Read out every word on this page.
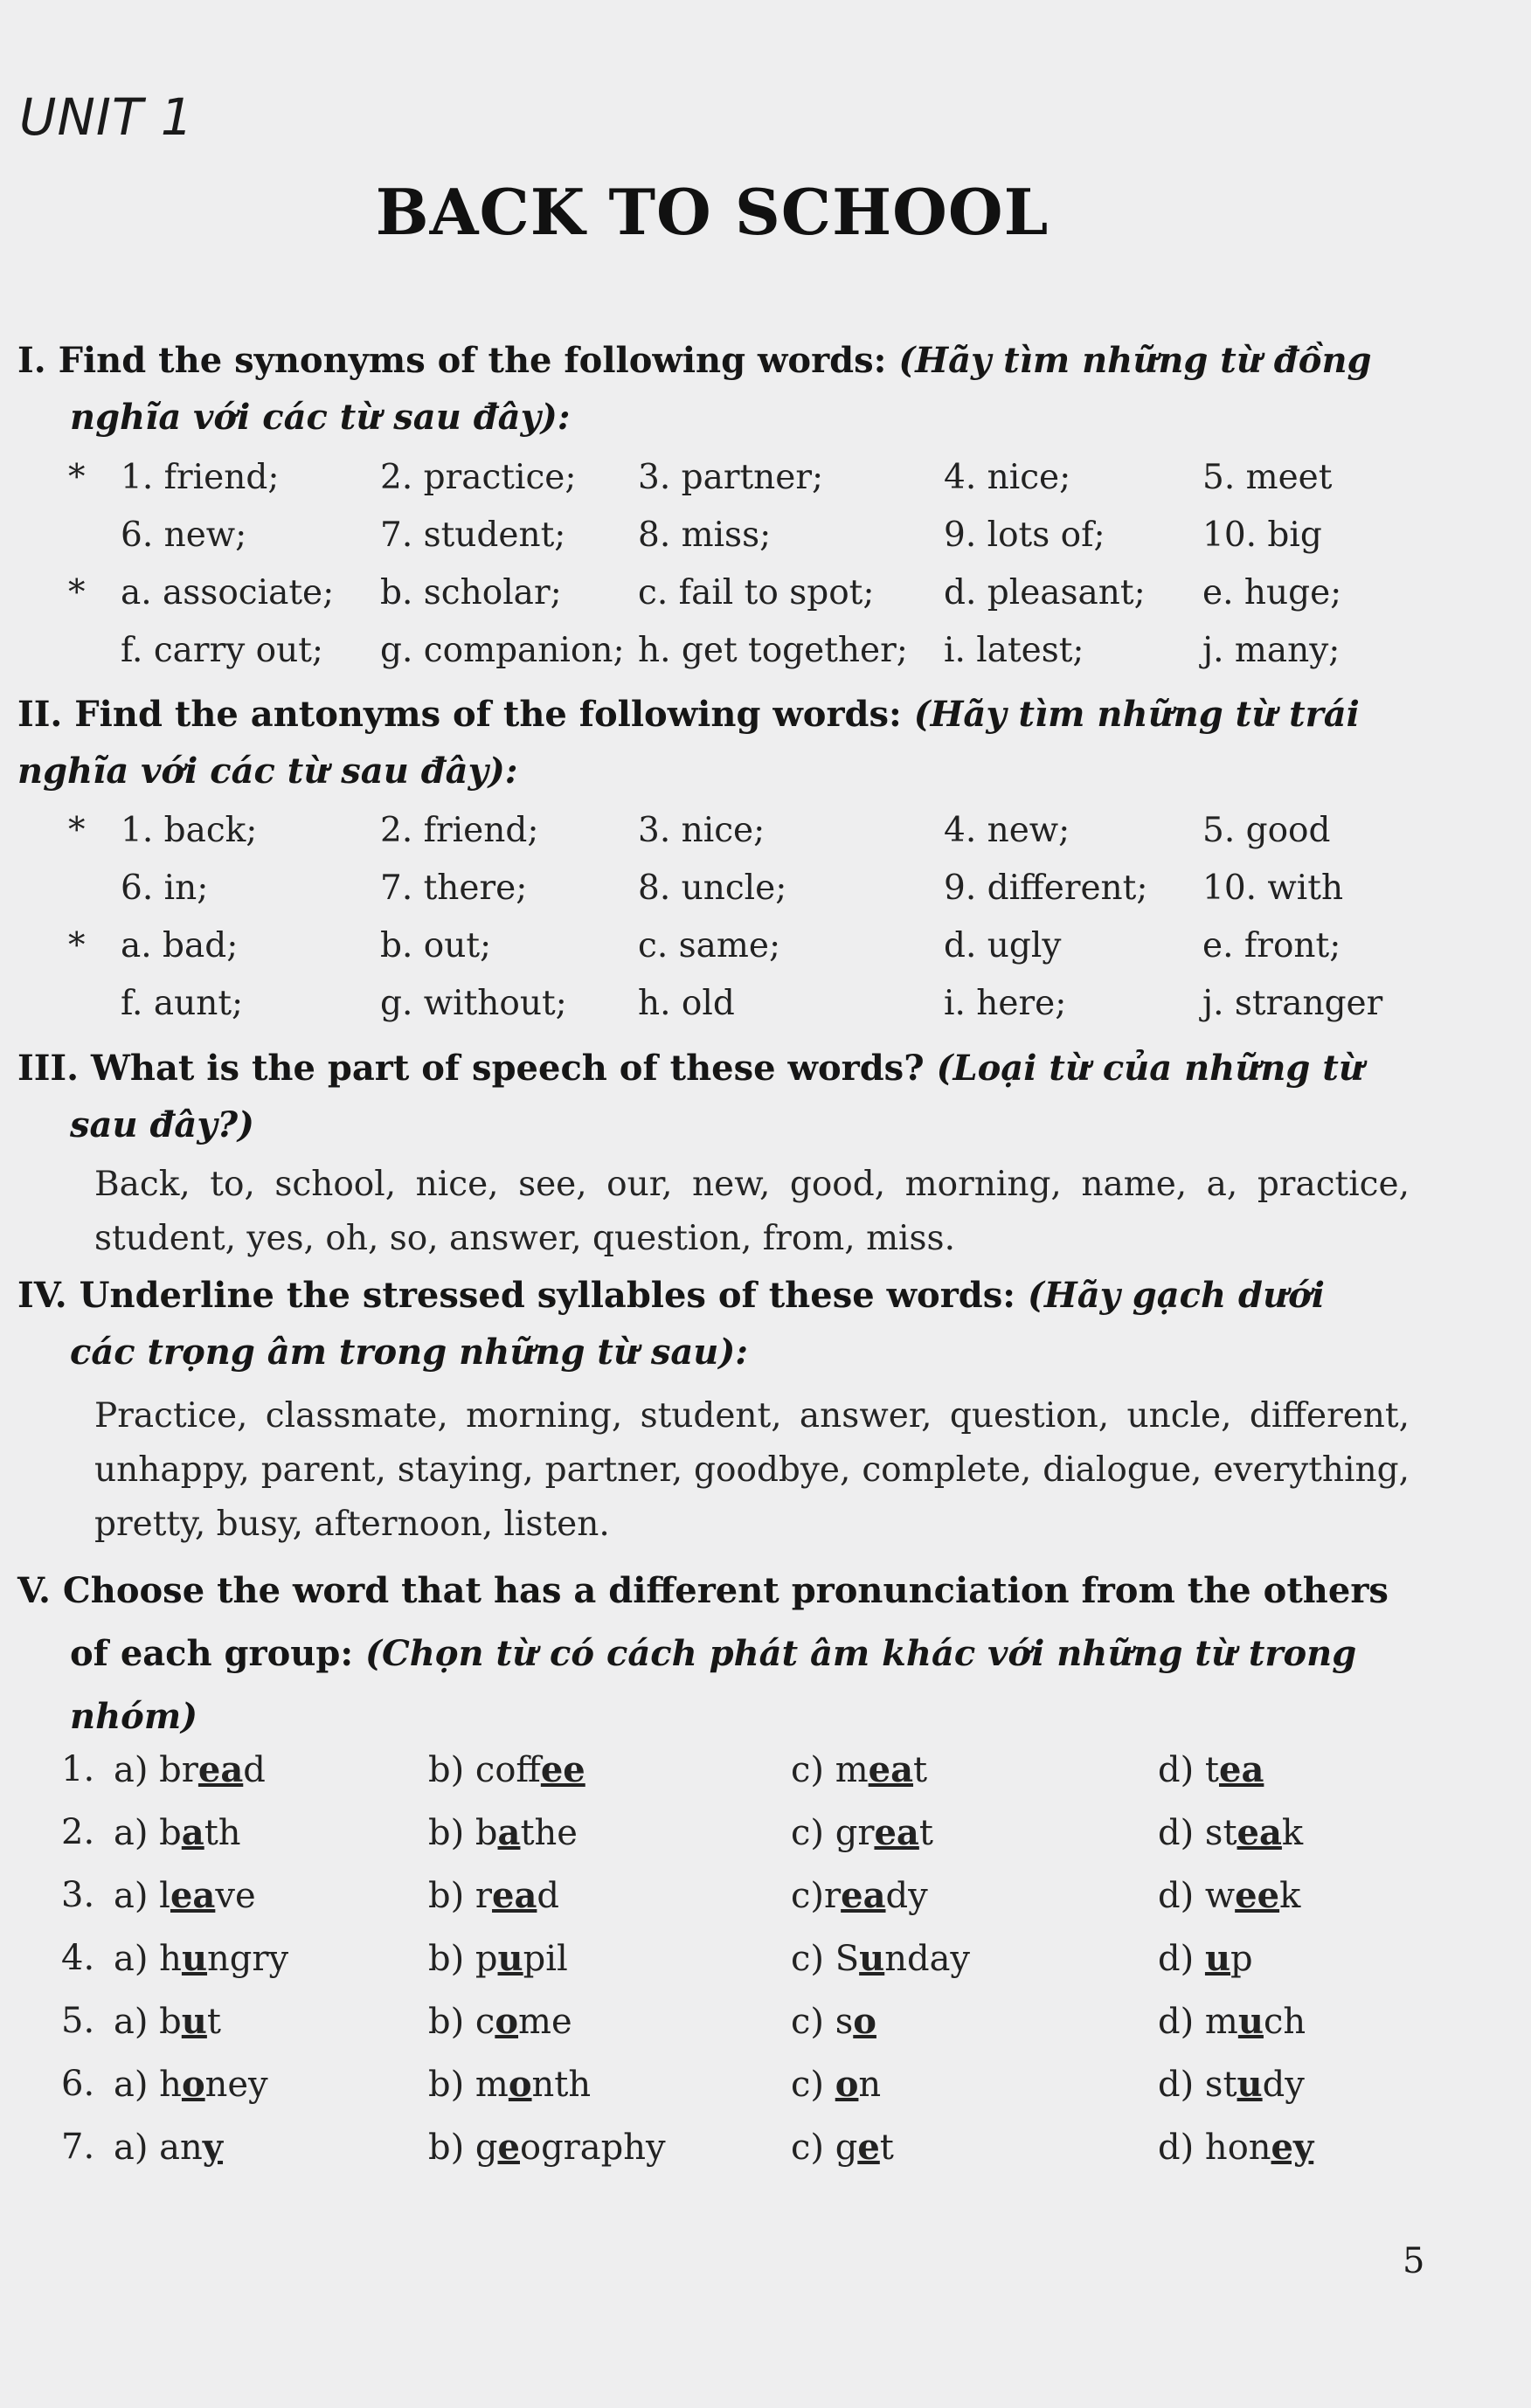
UNIT 1
BACK TO SCHOOL
I. Find the synonyms of the following words: (Hãy tìm những từ đồng
nghĩa với các từ sau đây):
* 1. friend;	2. practice; 3. partner;	4. nice;	5. meet
6. new;	7. student; 8. miss;	9. lots of;	10. big
* a. associate; b. scholar; c. fail to spot; d. pleasant; e. huge;
f. carry out; g. companion; h. get together; i. latest;	j. many;
II. Find the antonyms of the following words: (Hãy tìm những từ trái
nghĩa với các từ sau đây):
* 1. back;	2. friend;	3. nice;	4. new;	5. good
6. in;	7. there;	8. uncle;	9. different; 10. with
* a. bad;	b. out;	c. same;	d. ugly	e. front;
f. aunt;	g. without; h. old	i. here;	j. stranger
III. What is the part of speech of these words? (Loại từ của những từ
sau đây?)
Back, to, school, nice, see, our, new, good, morning, name, a, practice, student, yes, oh, so, answer, question, from, miss.
IV. Underline the stressed syllables of these words: (Hãy gạch dưới
các trọng âm trong những từ sau):
Practice, classmate, morning, student, answer, question, uncle, different, unhappy, parent, staying, partner, goodbye, complete, dialogue, everything, pretty, busy, afternoon, listen.
V. Choose the word that has a different pronunciation from the others
of each group: (Chọn từ có cách phát âm khác với những từ trong
nhóm)
1. a) bread	b) coffee	c) meat	d) tea
2. a) bath	b) bathe	c) great	d) steak
3. a) leave	b) read	c)ready	d) week
4. a) hungry	b) pupil	c) Sunday	d) up
5. a) but	b) come	c) so	d) much
6. a) honey	b) month	c) on	d) study
7. a) any	b) geography	c) get	d) honey
5
